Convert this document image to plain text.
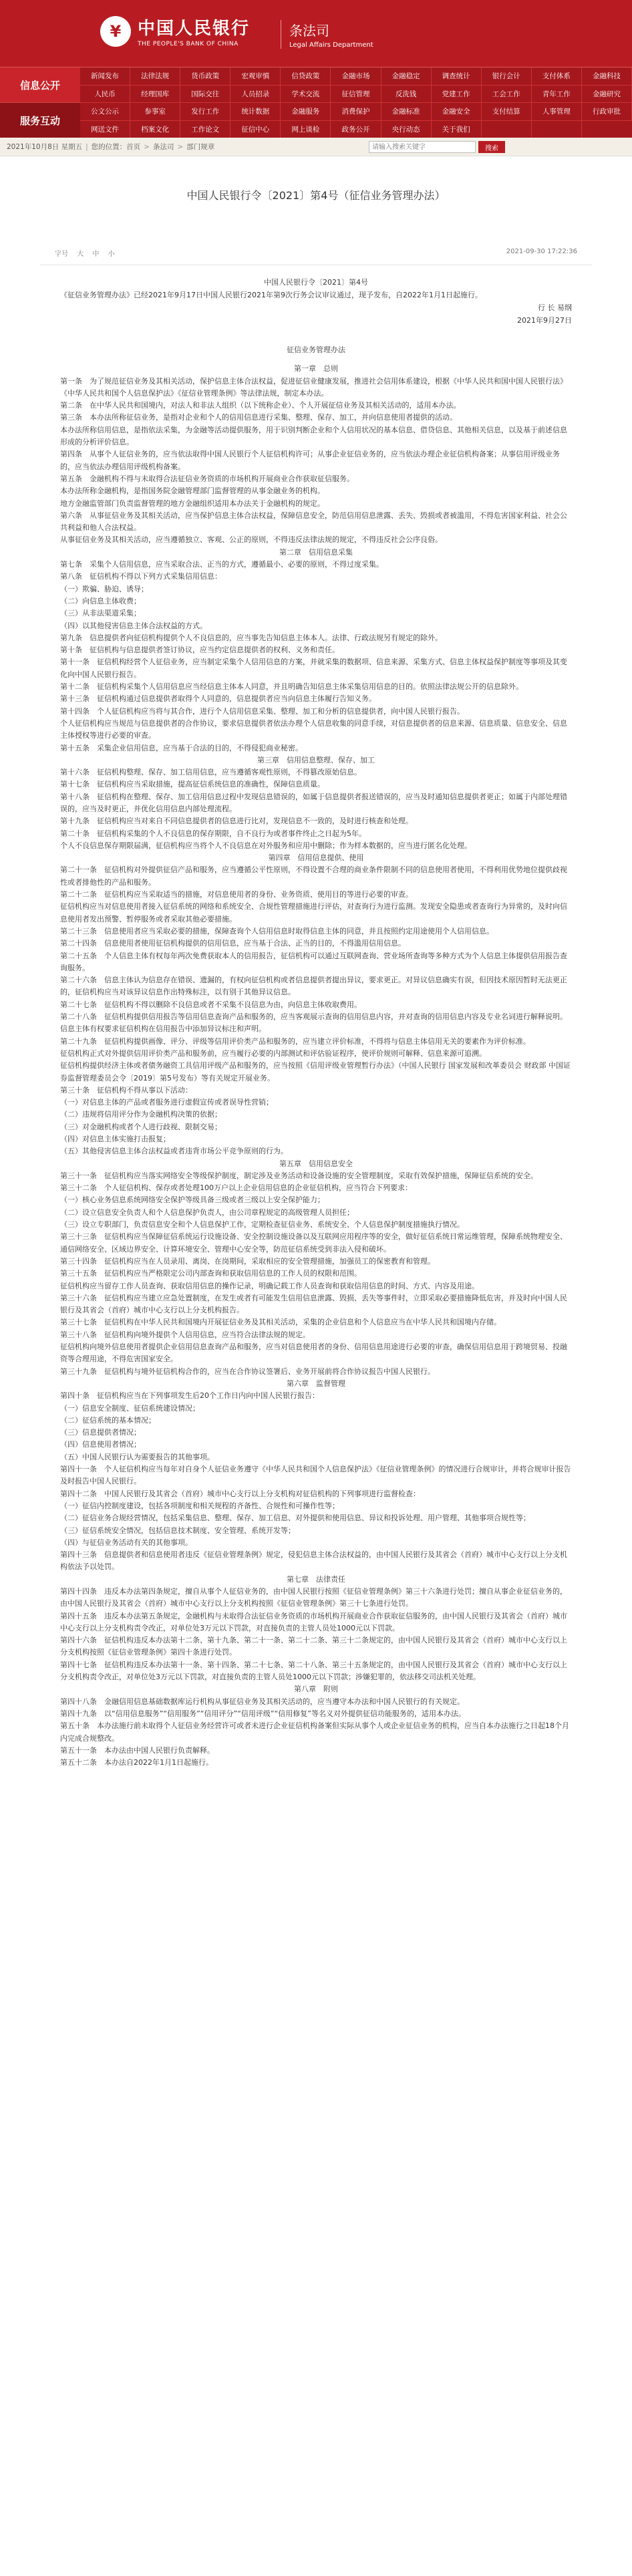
¥ 中国人民银行
THE PEOPLE'S BANK OF CHINA
条法司
Legal Affairs Department
信息公开
服务互动
新闻发布	法律法规	货币政策	宏观审慎	信贷政策	金融市场	金融稳定	调查统计	银行会计	支付体系	金融科技
人民币	经理国库	国际交往	人员招录	学术交流	征信管理	反洗钱	党建工作	工会工作	青年工作	金融研究
公文公示	参事室	发行工作	统计数据	金融服务	消费保护	金融标准	金融安全	支付结算	人事管理	行政审批
网送文件	档案文化	工作论文	征信中心	网上谈检	政务公开	央行动态	关于我们
2021年10月8日 星期五 | 您的位置：首页 > 条法司 > 部门规章
请输入搜索关键字	搜索
中国人民银行令〔2021〕第4号（征信业务管理办法）
字号 大 中 小	2021-09-30 17:22:36
中国人民银行令〔2021〕第4号
《征信业务管理办法》已经2021年9月17日中国人民银行2021年第9次行务会议审议通过，现予发布，自2022年1月1日起施行。
行 长 易纲
2021年9月27日
征信业务管理办法
第一章　总则
第一条　为了规范征信业务及其相关活动，保护信息主体合法权益，促进征信业健康发展，推进社会信用体系建设，根据《中华人民共和国中国人民银行法》《中华人民共和国个人信息保护法》《征信业管理条例》等法律法规，制定本办法。
第二条　在中华人民共和国境内，对法人和非法人组织（以下统称企业）、个人开展征信业务及其相关活动的，适用本办法。
第三条　本办法所称征信业务，是指对企业和个人的信用信息进行采集、整理、保存、加工，并向信息使用者提供的活动。
本办法所称信用信息，是指依法采集，为金融等活动提供服务，用于识别判断企业和个人信用状况的基本信息、借贷信息、其他相关信息，以及基于前述信息形成的分析评价信息。
第四条　从事个人征信业务的，应当依法取得中国人民银行个人征信机构许可；从事企业征信业务的，应当依法办理企业征信机构备案；从事信用评级业务的，应当依法办理信用评级机构备案。
第五条　金融机构不得与未取得合法征信业务资质的市场机构开展商业合作获取征信服务。
本办法所称金融机构，是指国务院金融管理部门监督管理的从事金融业务的机构。
地方金融监管部门负责监督管理的地方金融组织适用本办法关于金融机构的规定。
第六条　从事征信业务及其相关活动，应当保护信息主体合法权益，保障信息安全，防范信用信息泄露、丢失、毁损或者被滥用，不得危害国家利益、社会公共利益和他人合法权益。
从事征信业务及其相关活动，应当遵循独立、客观、公正的原则，不得违反法律法规的规定，不得违反社会公序良俗。
第二章　信用信息采集
第七条　采集个人信用信息，应当采取合法、正当的方式，遵循最小、必要的原则，不得过度采集。
第八条　征信机构不得以下列方式采集信用信息：
（一）欺骗、胁迫、诱导；
（二）向信息主体收费；
（三）从非法渠道采集；
（四）以其他侵害信息主体合法权益的方式。
第九条　信息提供者向征信机构提供个人不良信息的，应当事先告知信息主体本人。法律、行政法规另有规定的除外。
第十条　征信机构与信息提供者签订协议，应当约定信息提供者的权利、义务和责任。
第十一条　征信机构经营个人征信业务，应当制定采集个人信用信息的方案，并就采集的数据项、信息来源、采集方式、信息主体权益保护制度等事项及其变化向中国人民银行报告。
第十二条　征信机构采集个人信用信息应当经信息主体本人同意，并且明确告知信息主体采集信用信息的目的。依照法律法规公开的信息除外。
第十三条　征信机构通过信息提供者取得个人同意的，信息提供者应当向信息主体履行告知义务。
第十四条　个人征信机构应当将与其合作，进行个人信用信息采集、整理、加工和分析的信息提供者，向中国人民银行报告。
个人征信机构应当规范与信息提供者的合作协议，要求信息提供者依法办理个人信息收集的同意手续，对信息提供者的信息来源、信息质量、信息安全、信息主体授权等进行必要的审查。
第十五条　采集企业信用信息，应当基于合法的目的，不得侵犯商业秘密。
第三章　信用信息整理、保存、加工
第十六条　征信机构整理、保存、加工信用信息，应当遵循客观性原则，不得篡改原始信息。
第十七条　征信机构应当采取措施，提高征信系统信息的准确性，保障信息质量。
第十八条　征信机构在整理、保存、加工信用信息过程中发现信息错误的，如属于信息提供者报送错误的，应当及时通知信息提供者更正；如属于内部处理错误的，应当及时更正，并优化信用信息内部处理流程。
第十九条　征信机构应当对来自不同信息提供者的信息进行比对，发现信息不一致的，及时进行核查和处理。
第二十条　征信机构采集的个人不良信息的保存期限，自不良行为或者事件终止之日起为5年。
个人不良信息保存期限届满，征信机构应当将个人不良信息在对外服务和应用中删除；作为样本数据的，应当进行匿名化处理。
第四章　信用信息提供、使用
第二十一条　征信机构对外提供征信产品和服务，应当遵循公平性原则，不得设置不合理的商业条件限制不同的信息使用者使用，不得利用优势地位提供歧视性或者排他性的产品和服务。
第二十二条　征信机构应当采取适当的措施，对信息使用者的身份、业务资质、使用目的等进行必要的审查。
征信机构应当对信息使用者接入征信系统的网络和系统安全、合规性管理措施进行评估，对查询行为进行监测。发现安全隐患或者查询行为异常的，及时向信息使用者发出预警、暂停服务或者采取其他必要措施。
第二十三条　信息使用者应当采取必要的措施，保障查询个人信用信息时取得信息主体的同意，并且按照约定用途使用个人信用信息。
第二十四条　信息使用者使用征信机构提供的信用信息，应当基于合法、正当的目的，不得滥用信用信息。
第二十五条　个人信息主体有权每年两次免费获取本人的信用报告，征信机构可以通过互联网查询、营业场所查询等多种方式为个人信息主体提供信用报告查询服务。
第二十六条　信息主体认为信息存在错误、遗漏的，有权向征信机构或者信息提供者提出异议，要求更正。对异议信息确实有误，但因技术原因暂时无法更正的，征信机构应当对该异议信息作出特殊标注，以有别于其他异议信息。
第二十七条　征信机构不得以删除不良信息或者不采集不良信息为由，向信息主体收取费用。
第二十八条　征信机构提供信用报告等信用信息查询产品和服务的，应当客观展示查询的信用信息内容，并对查询的信用信息内容及专业名词进行解释说明。
信息主体有权要求征信机构在信用报告中添加异议标注和声明。
第二十九条　征信机构提供画像、评分、评级等信用评价类产品和服务的，应当建立评价标准，不得将与信息主体信用无关的要素作为评价标准。
征信机构正式对外提供信用评价类产品和服务前，应当履行必要的内部测试和评估验证程序，使评价规则可解释、信息来源可追溯。
征信机构提供经济主体或者债务融资工具信用评级产品和服务的，应当按照《信用评级业管理暂行办法》（中国人民银行 国家发展和改革委员会 财政部 中国证券监督管理委员会令〔2019〕第5号发布）等有关规定开展业务。
第三十条　征信机构不得从事以下活动：
（一）对信息主体的产品或者服务进行虚假宣传或者误导性营销；
（二）违规将信用评分作为金融机构决策的依据；
（三）对金融机构或者个人进行歧视、限制交易；
（四）对信息主体实施打击报复；
（五）其他侵害信息主体合法权益或者违背市场公平竞争原则的行为。
第五章　信用信息安全
第三十一条　征信机构应当落实网络安全等级保护制度，制定涉及业务活动和设备设施的安全管理制度，采取有效保护措施，保障征信系统的安全。
第三十二条　个人征信机构、保存或者处理100万户以上企业信用信息的企业征信机构，应当符合下列要求：
（一）核心业务信息系统网络安全保护等级具备三级或者三级以上安全保护能力；
（二）设立信息安全负责人和个人信息保护负责人，由公司章程规定的高级管理人员担任；
（三）设立专职部门，负责信息安全和个人信息保护工作，定期检查征信业务、系统安全、个人信息保护制度措施执行情况。
第三十三条　征信机构应当保障征信系统运行设施设备、安全控制设施设备以及互联网应用程序等的安全，做好征信系统日常运维管理，保障系统物理安全、通信网络安全、区域边界安全、计算环境安全、管理中心安全等，防范征信系统受到非法入侵和破坏。
第三十四条　征信机构应当在人员录用、离岗、在岗期间，采取相应的安全管理措施，加强员工的保密教育和管理。
第三十五条　征信机构应当严格限定公司内部查询和获取信用信息的工作人员的权限和范围。
征信机构应当留存工作人员查询、获取信用信息的操作记录，明确记载工作人员查询和获取信用信息的时间、方式、内容及用途。
第三十六条　征信机构应当建立应急处置制度，在发生或者有可能发生信用信息泄露、毁损、丢失等事件时，立即采取必要措施降低危害，并及时向中国人民银行及其省会（首府）城市中心支行以上分支机构报告。
第三十七条　征信机构在中华人民共和国境内开展征信业务及其相关活动，采集的企业信息和个人信息应当在中华人民共和国境内存储。
第三十八条　征信机构向境外提供个人信用信息，应当符合法律法规的规定。
征信机构向境外信息使用者提供企业信用信息查询产品和服务，应当对信息使用者的身份、信用信息用途进行必要的审查，确保信用信息用于跨境贸易、投融资等合理用途，不得危害国家安全。
第三十九条　征信机构与境外征信机构合作的，应当在合作协议签署后、业务开展前将合作协议报告中国人民银行。
第六章　监督管理
第四十条　征信机构应当在下列事项发生后20个工作日内向中国人民银行报告：
（一）信息安全制度、征信系统建设情况；
（二）征信系统的基本情况；
（三）信息提供者情况；
（四）信息使用者情况；
（五）中国人民银行认为需要报告的其他事项。
第四十一条　个人征信机构应当每年对自身个人征信业务遵守《中华人民共和国个人信息保护法》《征信业管理条例》的情况进行合规审计，并将合规审计报告及时报告中国人民银行。
第四十二条　中国人民银行及其省会（首府）城市中心支行以上分支机构对征信机构的下列事项进行监督检查：
（一）征信内控制度建设，包括各项制度和相关规程的齐备性、合规性和可操作性等；
（二）征信业务合规经营情况，包括采集信息、整理、保存、加工信息、对外提供和使用信息、异议和投诉处理、用户管理、其他事项合规性等；
（三）征信系统安全情况，包括信息技术制度、安全管理、系统开发等；
（四）与征信业务活动有关的其他事项。
第四十三条　信息提供者和信息使用者违反《征信业管理条例》规定，侵犯信息主体合法权益的，由中国人民银行及其省会（首府）城市中心支行以上分支机构依法予以处罚。
第七章　法律责任
第四十四条　违反本办法第四条规定，擅自从事个人征信业务的，由中国人民银行按照《征信业管理条例》第三十六条进行处罚；擅自从事企业征信业务的，由中国人民银行及其省会（首府）城市中心支行以上分支机构按照《征信业管理条例》第三十七条进行处罚。
第四十五条　违反本办法第五条规定，金融机构与未取得合法征信业务资质的市场机构开展商业合作获取征信服务的，由中国人民银行及其省会（首府）城市中心支行以上分支机构责令改正，对单位处3万元以下罚款，对直接负责的主管人员处1000元以下罚款。
第四十六条　征信机构违反本办法第十二条、第十九条、第二十一条、第二十二条、第三十二条规定的，由中国人民银行及其省会（首府）城市中心支行以上分支机构按照《征信业管理条例》第四十条进行处罚。
第四十七条　征信机构违反本办法第十一条、第十四条、第二十七条、第二十八条、第三十五条规定的，由中国人民银行及其省会（首府）城市中心支行以上分支机构责令改正，对单位处3万元以下罚款，对直接负责的主管人员处1000元以下罚款；涉嫌犯罪的，依法移交司法机关处理。
第八章　附则
第四十八条　金融信用信息基础数据库运行机构从事征信业务及其相关活动的，应当遵守本办法和中国人民银行的有关规定。
第四十九条　以“信用信息服务”“信用服务”“信用评分”“信用评级”“信用修复”等名义对外提供征信功能服务的，适用本办法。
第五十条　本办法施行前未取得个人征信业务经营许可或者未进行企业征信机构备案但实际从事个人或企业征信业务的机构，应当自本办法施行之日起18个月内完成合规整改。
第五十一条　本办法由中国人民银行负责解释。
第五十二条　本办法自2022年1月1日起施行。
